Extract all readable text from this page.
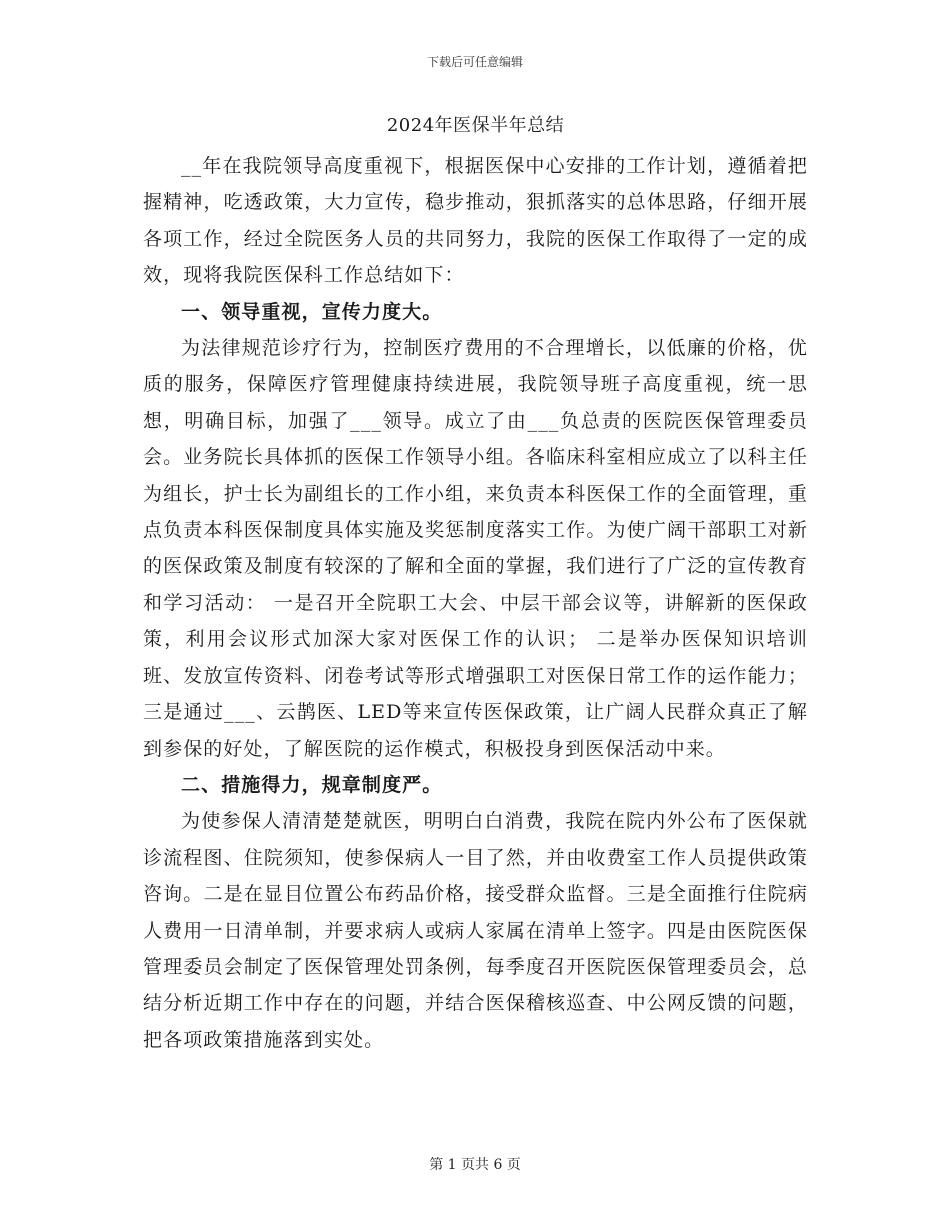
下载后可任意编辑
2024年医保半年总结

__年在我院领导高度重视下，根据医保中心安排的工作计划，遵循着把握精神，吃透政策，大力宣传，稳步推动，狠抓落实的总体思路，仔细开展各项工作，经过全院医务人员的共同努力，我院的医保工作取得了一定的成效，现将我院医保科工作总结如下：

一、领导重视，宣传力度大。

为法律规范诊疗行为，控制医疗费用的不合理增长，以低廉的价格，优质的服务，保障医疗管理健康持续进展，我院领导班子高度重视，统一思想，明确目标，加强了___领导。成立了由___负总责的医院医保管理委员会。业务院长具体抓的医保工作领导小组。各临床科室相应成立了以科主任为组长，护士长为副组长的工作小组，来负责本科医保工作的全面管理，重点负责本科医保制度具体实施及奖惩制度落实工作。为使广阔干部职工对新的医保政策及制度有较深的了解和全面的掌握，我们进行了广泛的宣传教育和学习活动： 一是召开全院职工大会、中层干部会议等，讲解新的医保政策，利用会议形式加深大家对医保工作的认识； 二是举办医保知识培训班、发放宣传资料、闭卷考试等形式增强职工对医保日常工作的运作能力； 三是通过___、云鹊医、LED等来宣传医保政策，让广阔人民群众真正了解到参保的好处，了解医院的运作模式，积极投身到医保活动中来。

二、措施得力，规章制度严。

为使参保人清清楚楚就医，明明白白消费，我院在院内外公布了医保就诊流程图、住院须知，使参保病人一目了然，并由收费室工作人员提供政策咨询。二是在显目位置公布药品价格，接受群众监督。三是全面推行住院病人费用一日清单制，并要求病人或病人家属在清单上签字。四是由医院医保管理委员会制定了医保管理处罚条例，每季度召开医院医保管理委员会，总结分析近期工作中存在的问题，并结合医保稽核巡查、中公网反馈的问题，把各项政策措施落到实处。

第 1 页共 6 页
